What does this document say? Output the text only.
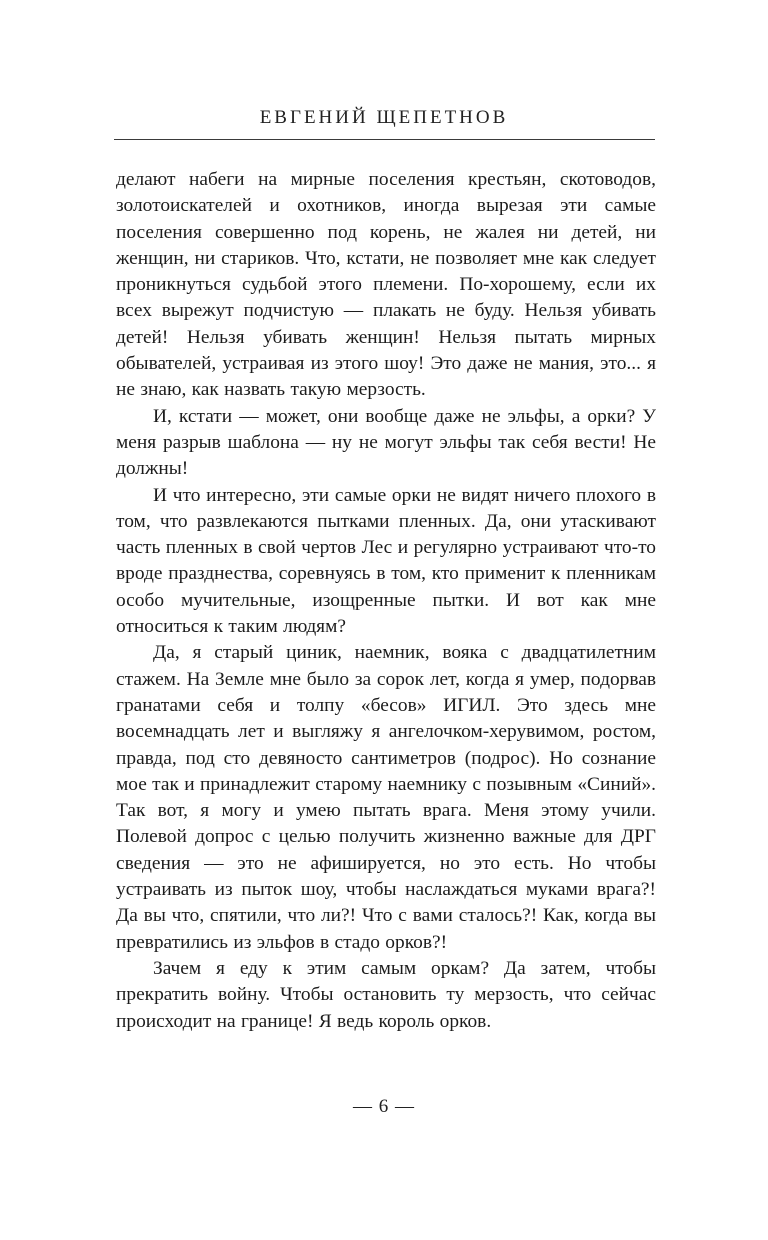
ЕВГЕНИЙ ЩЕПЕТНОВ

делают набеги на мирные поселения крестьян, скотоводов, золотоискателей и охотников, иногда вырезая эти самые поселения совершенно под корень, не жалея ни детей, ни женщин, ни стариков. Что, кстати, не позволяет мне как следует проникнуться судьбой этого племени. По-хорошему, если их всех вырежут подчистую — плакать не буду. Нельзя убивать детей! Нельзя убивать женщин! Нельзя пытать мирных обывателей, устраивая из этого шоу! Это даже не мания, это... я не знаю, как назвать такую мерзость.

И, кстати — может, они вообще даже не эльфы, а орки? У меня разрыв шаблона — ну не могут эльфы так себя вести! Не должны!

И что интересно, эти самые орки не видят ничего плохого в том, что развлекаются пытками пленных. Да, они утаскивают часть пленных в свой чертов Лес и регулярно устраивают что-то вроде празднества, соревнуясь в том, кто применит к пленникам особо мучительные, изощренные пытки. И вот как мне относиться к таким людям?

Да, я старый циник, наемник, вояка с двадцатилетним стажем. На Земле мне было за сорок лет, когда я умер, подорвав гранатами себя и толпу «бесов» ИГИЛ. Это здесь мне восемнадцать лет и выгляжу я ангелочком-херувимом, ростом, правда, под сто девяносто сантиметров (подрос). Но сознание мое так и принадлежит старому наемнику с позывным «Синий». Так вот, я могу и умею пытать врага. Меня этому учили. Полевой допрос с целью получить жизненно важные для ДРГ сведения — это не афишируется, но это есть. Но чтобы устраивать из пыток шоу, чтобы наслаждаться муками врага?! Да вы что, спятили, что ли?! Что с вами сталось?! Как, когда вы превратились из эльфов в стадо орков?!

Зачем я еду к этим самым оркам? Да затем, чтобы прекратить войну. Чтобы остановить ту мерзость, что сейчас происходит на границе! Я ведь король орков.

— 6 —
